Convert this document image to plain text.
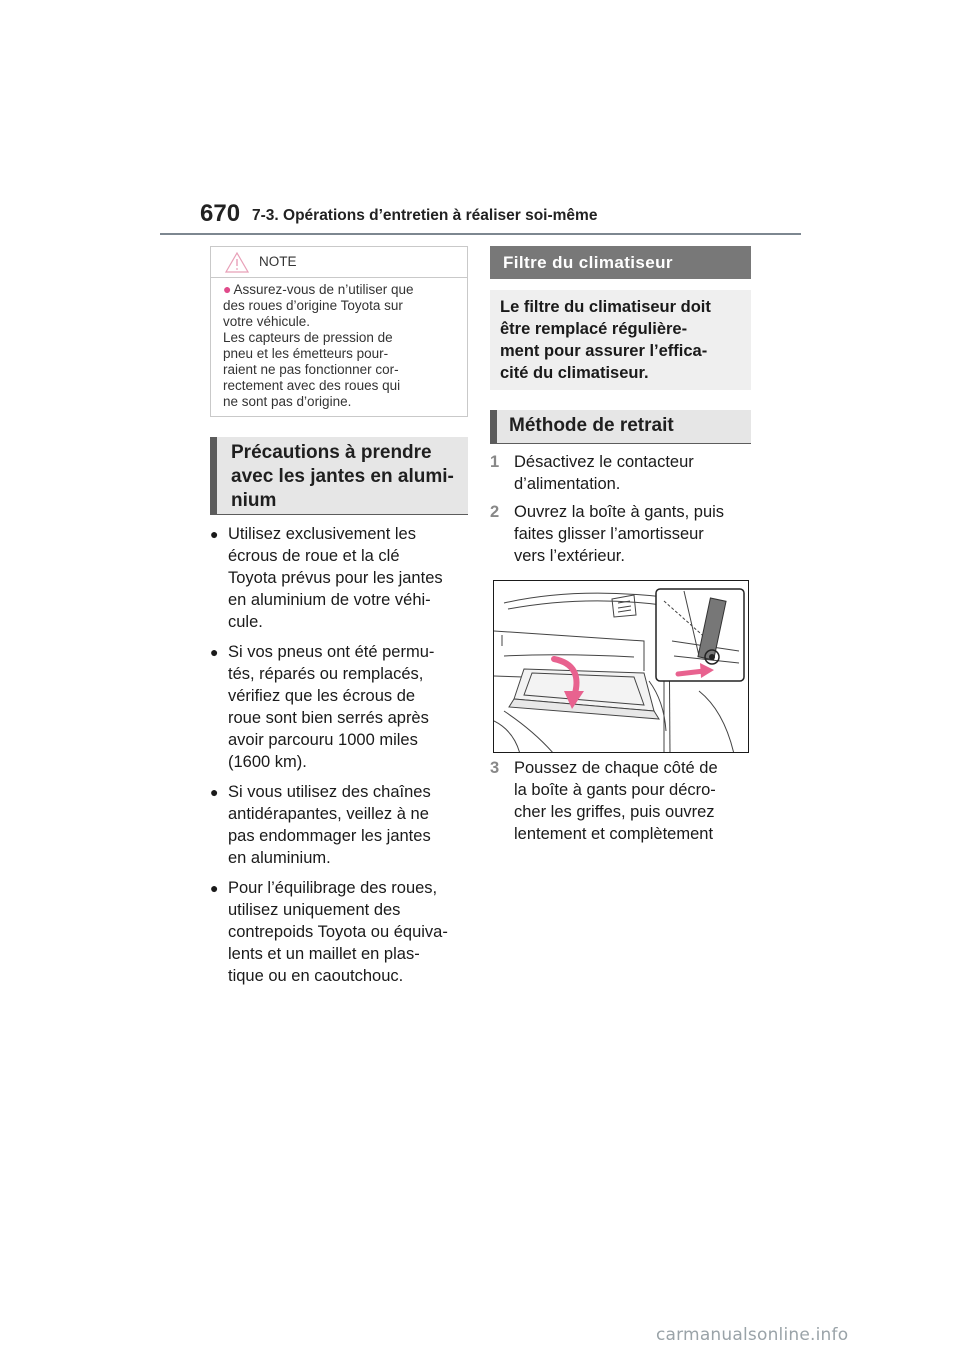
670 7-3. Opérations d’entretien à réaliser soi-même
NOTE

● Assurez-vous de n’utiliser que

des roues d’origine Toyota sur

votre véhicule.

Les capteurs de pression de

pneu et les émetteurs pour-

raient ne pas fonctionner cor-

rectement avec des roues qui

ne sont pas d’origine.

Précautions à prendre
avec les jantes en alumi-
nium
● Utilisez exclusivement les
écrous de roue et la clé
Toyota prévus pour les jantes
en aluminium de votre véhi-
cule.
● Si vos pneus ont été permu-
tés, réparés ou remplacés,
vérifiez que les écrous de
roue sont bien serrés après
avoir parcouru 1000 miles
(1600 km).
● Si vous utilisez des chaînes
antidérapantes, veillez à ne
pas endommager les jantes
en aluminium.
● Pour l’équilibrage des roues,
utilisez uniquement des
contrepoids Toyota ou équiva-
lents et un maillet en plas-
tique ou en caoutchouc.
Filtre du climatiseur
Le filtre du climatiseur doit
être remplacé régulière-
ment pour assurer l’effica-
cité du climatiseur.
Méthode de retrait
1 Désactivez le contacteur
d’alimentation.
2 Ouvrez la boîte à gants, puis
faites glisser l’amortisseur
vers l’extérieur.
3 Poussez de chaque côté de
la boîte à gants pour décro-
cher les griffes, puis ouvrez
lentement et complètement
carmanualsonline.info
